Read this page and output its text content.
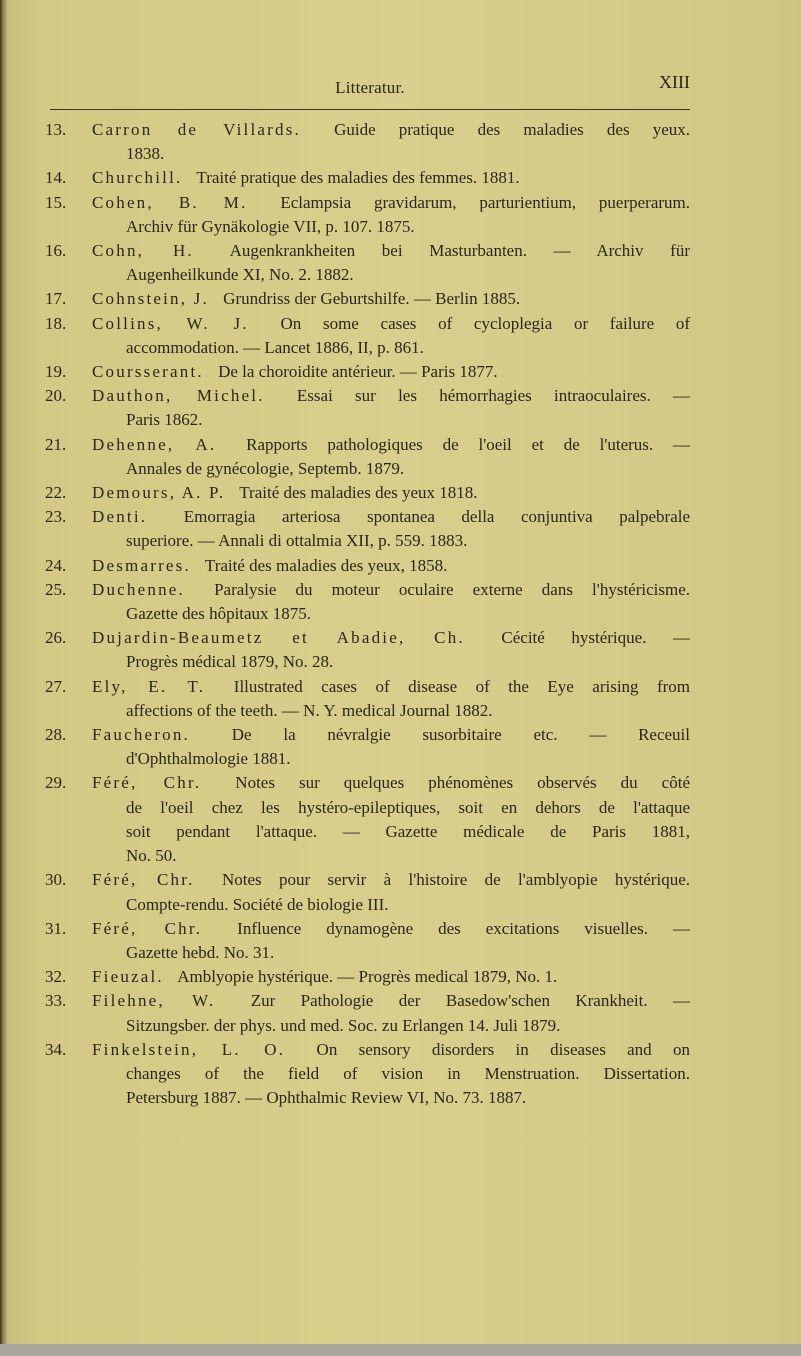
Litteratur.	XIII
13. Carron de Villards. Guide pratique des maladies des yeux.
1838.
14. Churchill. Traité pratique des maladies des femmes. 1881.
15. Cohen, B. M. Eclampsia gravidarum, parturientium, puerperarum.
Archiv für Gynäkologie VII, p. 107. 1875.
16. Cohn, H. Augenkrankheiten bei Masturbanten. — Archiv für
Augenheilkunde XI, No. 2. 1882.
17. Cohnstein, J. Grundriss der Geburtshilfe. — Berlin 1885.
18. Collins, W. J. On some cases of cycloplegia or failure of
accommodation. — Lancet 1886, II, p. 861.
19. Coursserant. De la choroidite antérieur. — Paris 1877.
20. Dauthon, Michel. Essai sur les hémorrhagies intraoculaires. —
Paris 1862.
21. Dehenne, A. Rapports pathologiques de l'oeil et de l'uterus. —
Annales de gynécologie, Septemb. 1879.
22. Demours, A. P. Traité des maladies des yeux 1818.
23. Denti. Emorragia arteriosa spontanea della conjuntiva palpebrale
superiore. — Annali di ottalmia XII, p. 559. 1883.
24. Desmarres. Traité des maladies des yeux, 1858.
25. Duchenne. Paralysie du moteur oculaire externe dans l'hystéricisme.
Gazette des hôpitaux 1875.
26. Dujardin-Beaumetz et Abadie, Ch. Cécité hystérique. —
Progrès médical 1879, No. 28.
27. Ely, E. T. Illustrated cases of disease of the Eye arising from
affections of the teeth. — N. Y. medical Journal 1882.
28. Faucheron. De la névralgie susorbitaire etc. — Receuil
d'Ophthalmologie 1881.
29. Féré, Chr. Notes sur quelques phénomènes observés du côté
de l'oeil chez les hystéro-epileptiques, soit en dehors de l'attaque
soit pendant l'attaque. — Gazette médicale de Paris 1881,
No. 50.
30. Féré, Chr. Notes pour servir à l'histoire de l'amblyopie hystérique.
Compte-rendu. Société de biologie III.
31. Féré, Chr. Influence dynamogène des excitations visuelles. —
Gazette hebd. No. 31.
32. Fieuzal. Amblyopie hystérique. — Progrès medical 1879, No. 1.
33. Filehne, W. Zur Pathologie der Basedow'schen Krankheit. —
Sitzungsber. der phys. und med. Soc. zu Erlangen 14. Juli 1879.
34. Finkelstein, L. O. On sensory disorders in diseases and on
changes of the field of vision in Menstruation. Dissertation.
Petersburg 1887. — Ophthalmic Review VI, No. 73. 1887.
